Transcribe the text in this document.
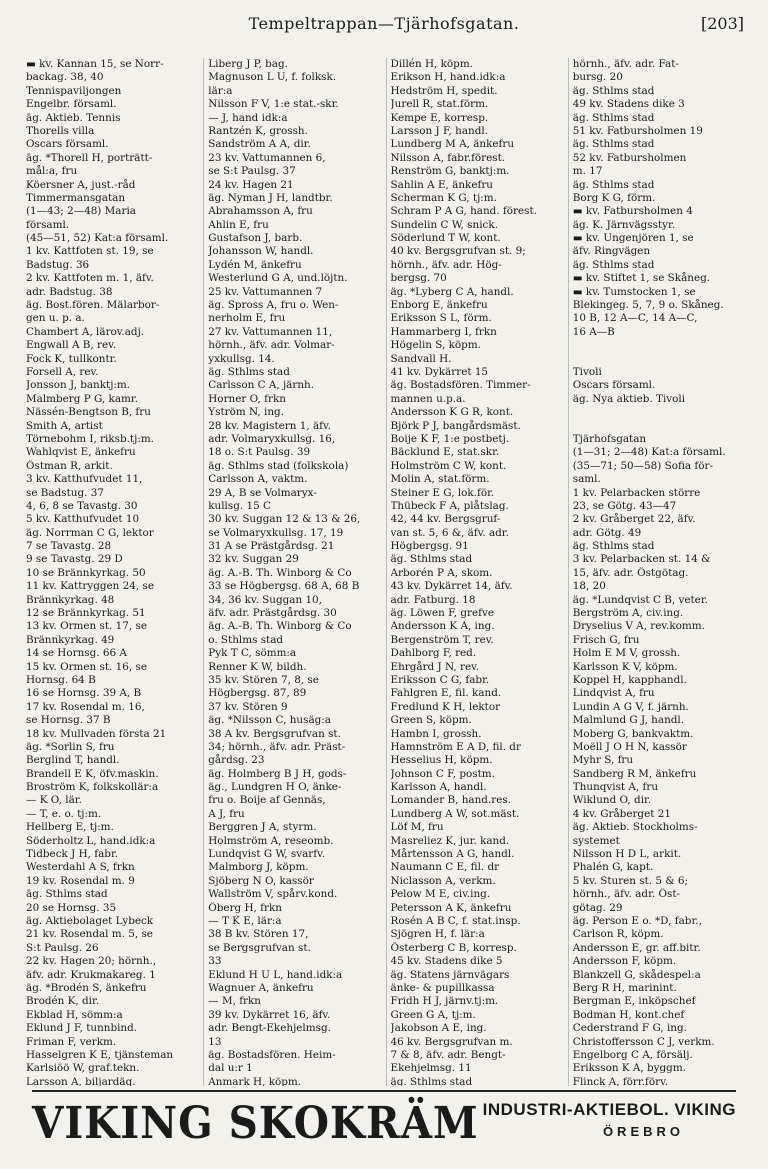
Tempeltrappan—Tjärhofsgatan.	[203]
▬ kv. Kannan 15, se Norr-
backag. 38, 40
Tennispaviljongen
Engelbr. församl.
äg. Aktieb. Tennis
Thorells villa
Oscars församl.
äg. *Thorell H, porträtt-
mål:a, fru
Köersner A, just.-råd
Timmermansgatan
(1—43; 2—48) Maria
församl.
(45—51, 52) Kat:a församl.
1 kv. Kattfoten st. 19, se
Badstug. 36
2 kv. Kattfoten m. 1, äfv.
adr. Badstug. 38
äg. Bost.fören. Mälarbor-
gen u. p. a.
Chambert A, lärov.adj.
Engwall A B, rev.
Fock K, tullkontr.
Forsell A, rev.
Jonsson J, banktj:m.
Malmberg P G, kamr.
Nässén-Bengtson B, fru
Smith A, artist
Törnebohm I, riksb.tj:m.
Wahlqvist E, änkefru
Östman R, arkit.
3 kv. Katthufvudet 11,
se Badstug. 37
4, 6, 8 se Tavastg. 30
5 kv. Katthufvudet 10
äg. Norrman C G, lektor
7 se Tavastg. 28
9 se Tavastg. 29 D
10 se Brännkyrkag. 50
11 kv. Kattryggen 24, se
Brännkyrkag. 48
12 se Brännkyrkag. 51
13 kv. Ormen st. 17, se
Brännkyrkag. 49
14 se Hornsg. 66 A
15 kv. Ormen st. 16, se
Hornsg. 64 B
16 se Hornsg. 39 A, B
17 kv. Rosendal m. 16,
se Hornsg. 37 B
18 kv. Mullvaden första 21
äg. *Sorlin S, fru
Berglind T, handl.
Brandell E K, öfv.maskin.
Broström K, folkskollär:a
— K O, lär.
— T, e. o. tj:m.
Hellberg E, tj:m.
Söderholtz L, hand.idk:a
Tidbeck J H, fabr.
Westerdahl A S, frkn
19 kv. Rosendal m. 9
äg. Sthlms stad
20 se Hornsg. 35
äg. Aktiebolaget Lybeck
21 kv. Rosendal m. 5, se
S:t Paulsg. 26
22 kv. Hagen 20; hörnh.,
äfv. adr. Krukmakareg. 1
äg. *Brodén S, änkefru
Brodén K, dir.
Ekblad H, sömm:a
Eklund J F, tunnbind.
Friman F, verkm.
Hasselgren K E, tjänsteman
Karlsiöö W, graf.tekn.
Larsson A, biljardäg.
Liberg J P, bag.
Magnuson L U, f. folksk.
lär:a
Nilsson F V, 1:e stat.-skr.
— J, hand idk:a
Rantzén K, grossh.
Sandström A A, dir.
23 kv. Vattumannen 6,
se S:t Paulsg. 37
24 kv. Hagen 21
äg. Nyman J H, landtbr.
Abrahamsson A, fru
Ahlin E, fru
Gustafson J, barb.
Johansson W, handl.
Lydén M, änkefru
Westerlund G A, und.löjtn.
25 kv. Vattumannen 7
äg. Spross A, fru o. Wen-
nerholm E, fru
27 kv. Vattumannen 11,
hörnh., äfv. adr. Volmar-
yxkullsg. 14.
äg. Sthlms stad
Carlsson C A, järnh.
Horner O, frkn
Yström N, ing.
28 kv. Magistern 1, äfv.
adr. Volmaryxkullsg. 16,
18 o. S:t Paulsg. 39
äg. Sthlms stad (folkskola)
Carlsson A, vaktm.
29 A, B se Volmaryx-
kullsg. 15 C
30 kv. Suggan 12 & 13 & 26,
se Volmaryxkullsg. 17, 19
31 A se Prästgårdsg. 21
32 kv. Suggan 29
äg. A.-B. Th. Winborg & Co
33 se Högbergsg. 68 A, 68 B
34, 36 kv. Suggan 10,
äfv. adr. Prästgårdsg. 30
äg. A.-B. Th. Winborg & Co
o. Sthlms stad
Pyk T C, sömm:a
Renner K W, bildh.
35 kv. Stören 7, 8, se
Högbergsg. 87, 89
37 kv. Stören 9
äg. *Nilsson C, husäg:a
38 A kv. Bergsgrufvan st.
34; hörnh., äfv. adr. Präst-
gårdsg. 23
äg. Holmberg B J H, gods-
äg., Lundgren H O, änke-
fru o. Boije af Gennäs,
A J, fru
Berggren J A, styrm.
Holmström A, reseomb.
Lundqvist G W, svarfv.
Malmborg J, köpm.
Sjöberg N O, kassör
Wallström V, spårv.kond.
Öberg H, frkn
— T K E, lär:a
38 B kv. Stören 17,
se Bergsgrufvan st.
33
Eklund H U L, hand.idk:a
Wagnuer A, änkefru
— M, frkn
39 kv. Dykärret 16, äfv.
adr. Bengt-Ekehjelmsg.
13
äg. Bostadsfören. Heim-
dal u:r 1
Anmark H, köpm.
Dillén H, köpm.
Erikson H, hand.idk:a
Hedström H, spedit.
Jurell R, stat.förm.
Kempe E, korresp.
Larsson J F, handl.
Lundberg M A, änkefru
Nilsson A, fabr.förest.
Renström G, banktj:m.
Sahlin A E, änkefru
Scherman K G, tj:m.
Schram P A G, hand. förest.
Sundelin C W, snick.
Söderlund T W, kont.
40 kv. Bergsgrufvan st. 9;
hörnh., äfv. adr. Hög-
bergsg. 70
äg. *Lyberg C A, handl.
Enborg E, änkefru
Eriksson S L, förm.
Hammarberg I, frkn
Högelin S, köpm.
Sandvall H.
41 kv. Dykärret 15
äg. Bostadsfören. Timmer-
mannen u.p.a.
Andersson K G R, kont.
Björk P J, bangårdsmäst.
Boije K F, 1:e postbetj.
Bäcklund E, stat.skr.
Holmström C W, kont.
Molin A, stat.förm.
Steiner E G, lok.för.
Thübeck F A, plåtslag.
42, 44 kv. Bergsgruf-
van st. 5, 6 &, äfv. adr.
Högbergsg. 91
äg. Sthlms stad
Arborén P A, skom.
43 kv. Dykärret 14, äfv.
adr. Fatburg. 18
äg. Löwen F, grefve
Andersson K A, ing.
Bergenström T, rev.
Dahlborg F, red.
Ehrgård J N, rev.
Eriksson C G, fabr.
Fahlgren E, fil. kand.
Fredlund K H, lektor
Green S, köpm.
Hambn I, grossh.
Hamnström E A D, fil. dr
Hesselius H, köpm.
Johnson C F, postm.
Karlsson A, handl.
Lomander B, hand.res.
Lundberg A W, sot.mäst.
Löf M, fru
Masreliez K, jur. kand.
Mårtensson A G, handl.
Naumann C E, fil. dr
Niclasson A, verkm.
Pelow M E, civ.ing.
Petersson A K, änkefru
Rosén A B C, f. stat.insp.
Sjögren H, f. lär:a
Österberg C B, korresp.
45 kv. Stadens dike 5
äg. Statens järnvägars
änke- & pupillkassa
Fridh H J, järnv.tj:m.
Green G A, tj:m.
Jakobson A E, ing.
46 kv. Bergsgrufvan m.
7 & 8, äfv. adr. Bengt-
Ekehjelmsg. 11
äg. Sthlms stad
hörnh., äfv. adr. Fat-
bursg. 20
äg. Sthlms stad
49 kv. Stadens dike 3
äg. Sthlms stad
51 kv. Fatbursholmen 19
äg. Sthlms stad
52 kv. Fatbursholmen
m. 17
äg. Sthlms stad
Borg K G, förm.
▬ kv. Fatbursholmen 4
äg. K. Järnvägsstyr.
▬ kv. Ungenjören 1, se
äfv. Ringvägen
äg. Sthlms stad
▬ kv. Stiftet 1, se Skåneg.
▬ kv. Tumstocken 1, se
Blekingeg. 5, 7, 9 o. Skåneg.
10 B, 12 A—C, 14 A—C,
16 A—B
Tivoli
Oscars församl.
äg. Nya aktieb. Tivoli
Tjärhofsgatan
(1—31; 2—48) Kat:a församl.
(35—71; 50—58) Sofia för-
saml.
1 kv. Pelarbacken större
23, se Götg. 43—47
2 kv. Gråberget 22, äfv.
adr. Götg. 49
äg. Sthlms stad
3 kv. Pelarbacken st. 14 &
15, äfv. adr. Östgötag.
18, 20
äg. *Lundqvist C B, veter.
Bergström A, civ.ing.
Dryselius V A, rev.komm.
Frisch G, fru
Holm E M V, grossh.
Karlsson K V, köpm.
Koppel H, kapphandl.
Lindqvist A, fru
Lundin A G V, f. järnh.
Malmlund G J, handl.
Moberg G, bankvaktm.
Moëll J O H N, kassör
Myhr S, fru
Sandberg R M, änkefru
Thunqvist A, fru
Wiklund O, dir.
4 kv. Gråberget 21
äg. Aktieb. Stockholms-
systemet
Nilsson H D L, arkit.
Phalén G, kapt.
5 kv. Sturen st. 5 & 6;
hörnh., äfv. adr. Öst-
götag. 29
äg. Person E o. *D, fabr.,
Carlson R, köpm.
Andersson E, gr. aff.bitr.
Andersson F, köpm.
Blankzell G, skådespel:a
Berg R H, marinint.
Bergman E, inköpschef
Bodman H, kont.chef
Cederstrand F G, ing.
Christoffersson C J, verkm.
Engelborg C A, försälj.
Eriksson K A, byggm.
Flinck A, förr.förv.
VIKING SKOKRÄM INDUSTRI-AKTIEBOL. VIKING
ÖREBRO
